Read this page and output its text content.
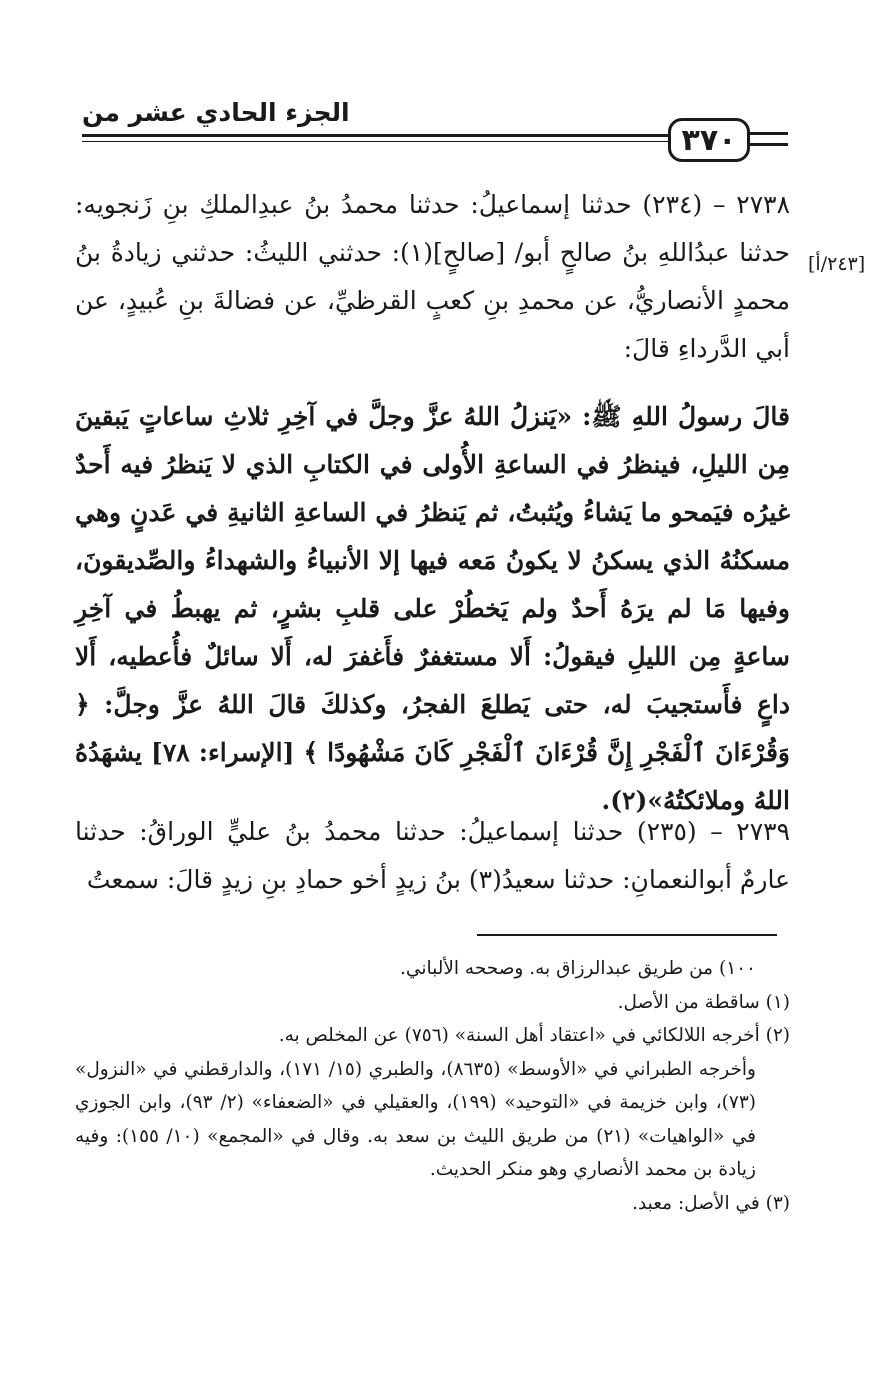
الجزء الحادي عشر من
٣٧٠
[٢٤٣/أ]
٢٧٣٨ – (٢٣٤) حدثنا إسماعيلُ: حدثنا محمدُ بنُ عبدِالملكِ بنِ زَنجويه: حدثنا عبدُاللهِ بنُ صالحٍ أبو/ [صالحٍ](١): حدثني الليثُ: حدثني زيادةُ بنُ محمدٍ الأنصاريُّ، عن محمدِ بنِ كعبٍ القرظيِّ، عن فضالةَ بنِ عُبيدٍ، عن أبي الدَّرداءِ قالَ:
قالَ رسولُ اللهِ ﷺ: «يَنزلُ اللهُ عزَّ وجلَّ في آخِرِ ثلاثِ ساعاتٍ يَبقينَ مِن الليلِ، فينظرُ في الساعةِ الأُولى في الكتابِ الذي لا يَنظرُ فيه أَحدٌ غيرُه فيَمحو ما يَشاءُ ويُثبتُ، ثم يَنظرُ في الساعةِ الثانيةِ في عَدنٍ وهي مسكنُهُ الذي يسكنُ لا يكونُ مَعه فيها إلا الأنبياءُ والشهداءُ والصِّديقونَ، وفيها مَا لم يرَهُ أَحدٌ ولم يَخطُرْ على قلبِ بشرٍ، ثم يهبطُ في آخِرِ ساعةٍ مِن الليلِ فيقولُ: أَلا مستغفرٌ فأَغفرَ له، أَلا سائلٌ فأُعطيه، أَلا داعٍ فأَستجيبَ له، حتى يَطلعَ الفجرُ، وكذلكَ قالَ اللهُ عزَّ وجلَّ: ﴿ وَقُرْءَانَ ٱلْفَجْرِ إِنَّ قُرْءَانَ ٱلْفَجْرِ كَانَ مَشْهُودًا ﴾ [الإسراء: ٧٨] يشهَدُهُ اللهُ وملائكتُهُ»(٢).
٢٧٣٩ – (٢٣٥) حدثنا إسماعيلُ: حدثنا محمدُ بنُ عليٍّ الوراقُ: حدثنا عارمٌ أبوالنعمانِ: حدثنا سعيدُ(٣) بنُ زيدٍ أخو حمادِ بنِ زيدٍ قالَ: سمعتُ
١٠٠) من طريق عبدالرزاق به. وصححه الألباني.
(١) ساقطة من الأصل.
(٢) أخرجه اللالكائي في «اعتقاد أهل السنة» (٧٥٦) عن المخلص به.
وأخرجه الطبراني في «الأوسط» (٨٦٣٥)، والطبري (١٥/ ١٧١)، والدارقطني في «النزول» (٧٣)، وابن خزيمة في «التوحيد» (١٩٩)، والعقيلي في «الضعفاء» (٢/ ٩٣)، وابن الجوزي في «الواهيات» (٢١) من طريق الليث بن سعد به. وقال في «المجمع» (١٠/ ١٥٥): وفيه زيادة بن محمد الأنصاري وهو منكر الحديث.
(٣) في الأصل: معبد.
